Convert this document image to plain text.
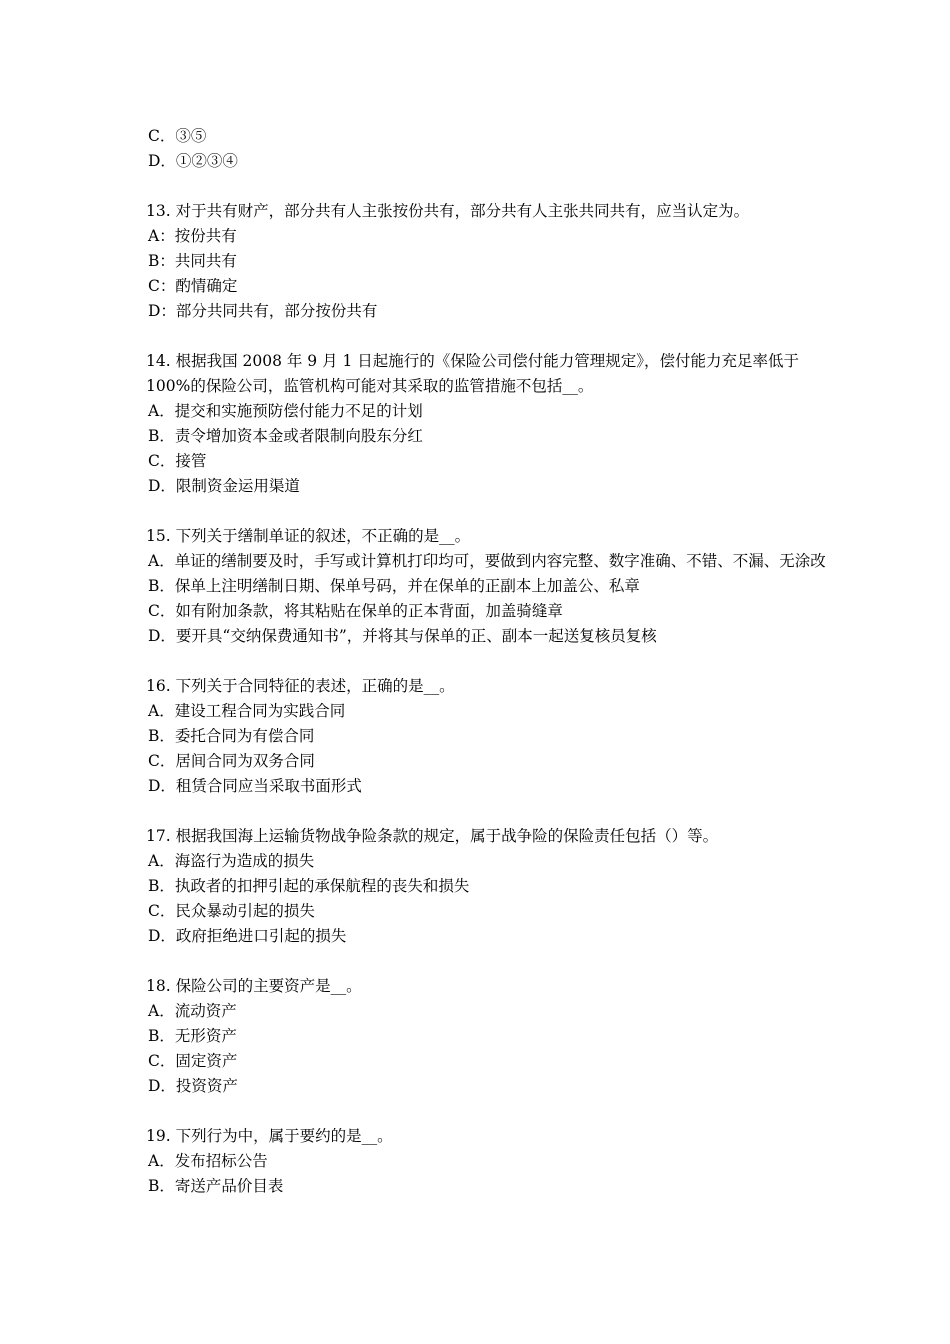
C．③⑤
D．①②③④
13. 对于共有财产，部分共有人主张按份共有，部分共有人主张共同共有，应当认定为。
A：按份共有
B：共同共有
C：酌情确定
D：部分共同共有，部分按份共有
14. 根据我国 2008 年 9 月 1 日起施行的《保险公司偿付能力管理规定》，偿付能力充足率低于 100%的保险公司，监管机构可能对其采取的监管措施不包括__。
A．提交和实施预防偿付能力不足的计划
B．责令增加资本金或者限制向股东分红
C．接管
D．限制资金运用渠道
15. 下列关于缮制单证的叙述，不正确的是__。
A．单证的缮制要及时，手写或计算机打印均可，要做到内容完整、数字准确、不错、不漏、无涂改
B．保单上注明缮制日期、保单号码，并在保单的正副本上加盖公、私章
C．如有附加条款，将其粘贴在保单的正本背面，加盖骑缝章
D．要开具“交纳保费通知书”，并将其与保单的正、副本一起送复核员复核
16. 下列关于合同特征的表述，正确的是__。
A．建设工程合同为实践合同
B．委托合同为有偿合同
C．居间合同为双务合同
D．租赁合同应当采取书面形式
17. 根据我国海上运输货物战争险条款的规定，属于战争险的保险责任包括（）等。
A．海盗行为造成的损失
B．执政者的扣押引起的承保航程的丧失和损失
C．民众暴动引起的损失
D．政府拒绝进口引起的损失
18. 保险公司的主要资产是__。
A．流动资产
B．无形资产
C．固定资产
D．投资资产
19. 下列行为中，属于要约的是__。
A．发布招标公告
B．寄送产品价目表
